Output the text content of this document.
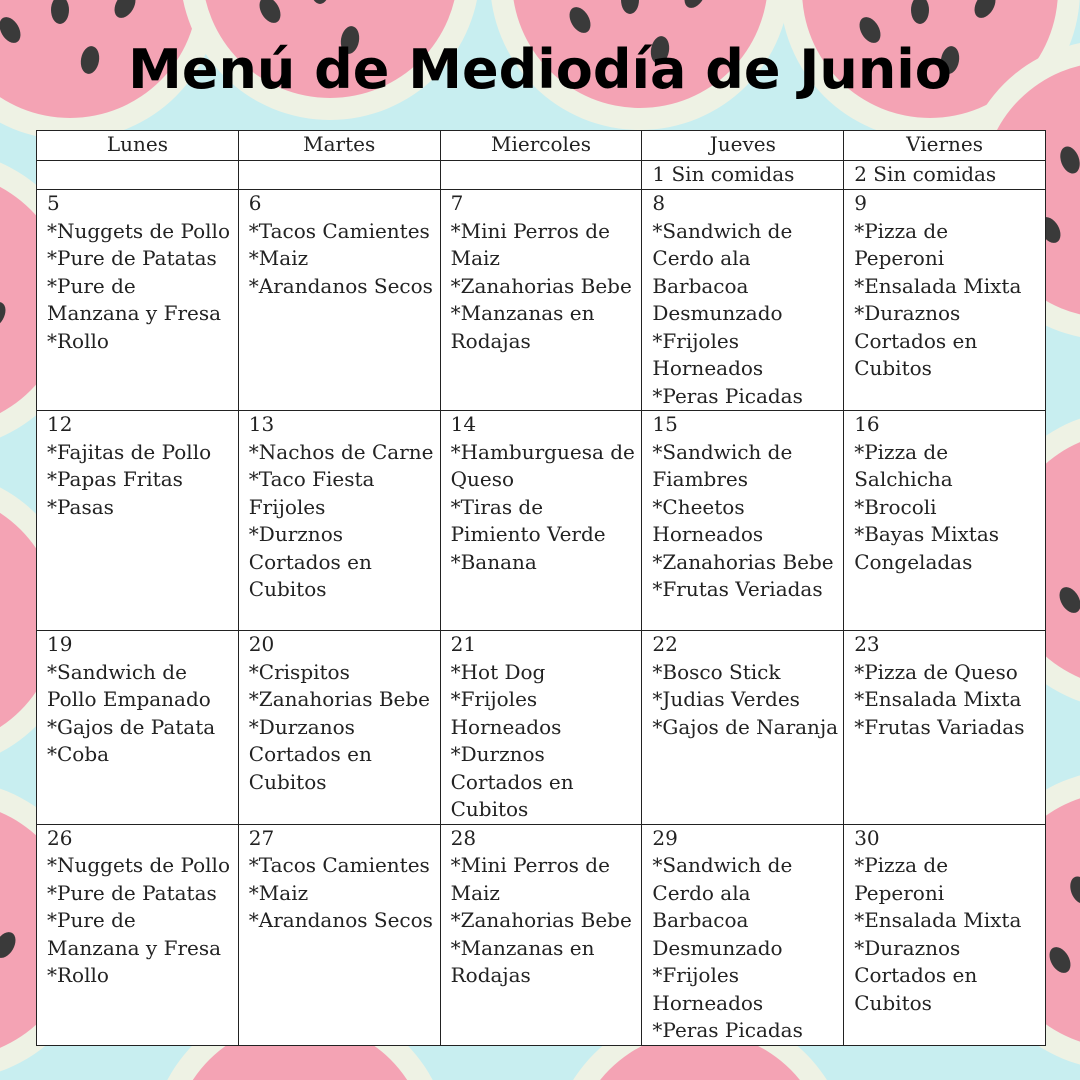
Menú de Mediodía de Junio
Lunes	Martes	Miercoles	Jueves	Viernes
			1 Sin comidas	2 Sin comidas

5
*Nuggets de Pollo
*Pure de Patatas
*Pure de Manzana y Fresa
*Rollo	6
*Tacos Camientes
*Maiz
*Arandanos Secos	7
*Mini Perros de Maiz
*Zanahorias Bebe
*Manzanas en Rodajas	8
*Sandwich de Cerdo ala Barbacoa Desmunzado
*Frijoles Horneados
*Peras Picadas	9
*Pizza de Peperoni
*Ensalada Mixta
*Duraznos Cortados en Cubitos

12
*Fajitas de Pollo
*Papas Fritas
*Pasas	13
*Nachos de Carne
*Taco Fiesta Frijoles
*Durznos Cortados en Cubitos	14
*Hamburguesa de Queso
*Tiras de Pimiento Verde
*Banana	15
*Sandwich de Fiambres
*Cheetos Horneados
*Zanahorias Bebe
*Frutas Veriadas	16
*Pizza de Salchicha
*Brocoli
*Bayas Mixtas Congeladas

19
*Sandwich de Pollo Empanado
*Gajos de Patata
*Coba	20
*Crispitos
*Zanahorias Bebe
*Durzanos Cortados en Cubitos	21
*Hot Dog
*Frijoles Horneados
*Durznos Cortados en Cubitos	22
*Bosco Stick
*Judias Verdes
*Gajos de Naranja	23
*Pizza de Queso
*Ensalada Mixta
*Frutas Variadas

26
*Nuggets de Pollo
*Pure de Patatas
*Pure de Manzana y Fresa
*Rollo	27
*Tacos Camientes
*Maiz
*Arandanos Secos	28
*Mini Perros de Maiz
*Zanahorias Bebe
*Manzanas en Rodajas	29
*Sandwich de Cerdo ala Barbacoa Desmunzado
*Frijoles Horneados
*Peras Picadas	30
*Pizza de Peperoni
*Ensalada Mixta
*Duraznos Cortados en Cubitos
